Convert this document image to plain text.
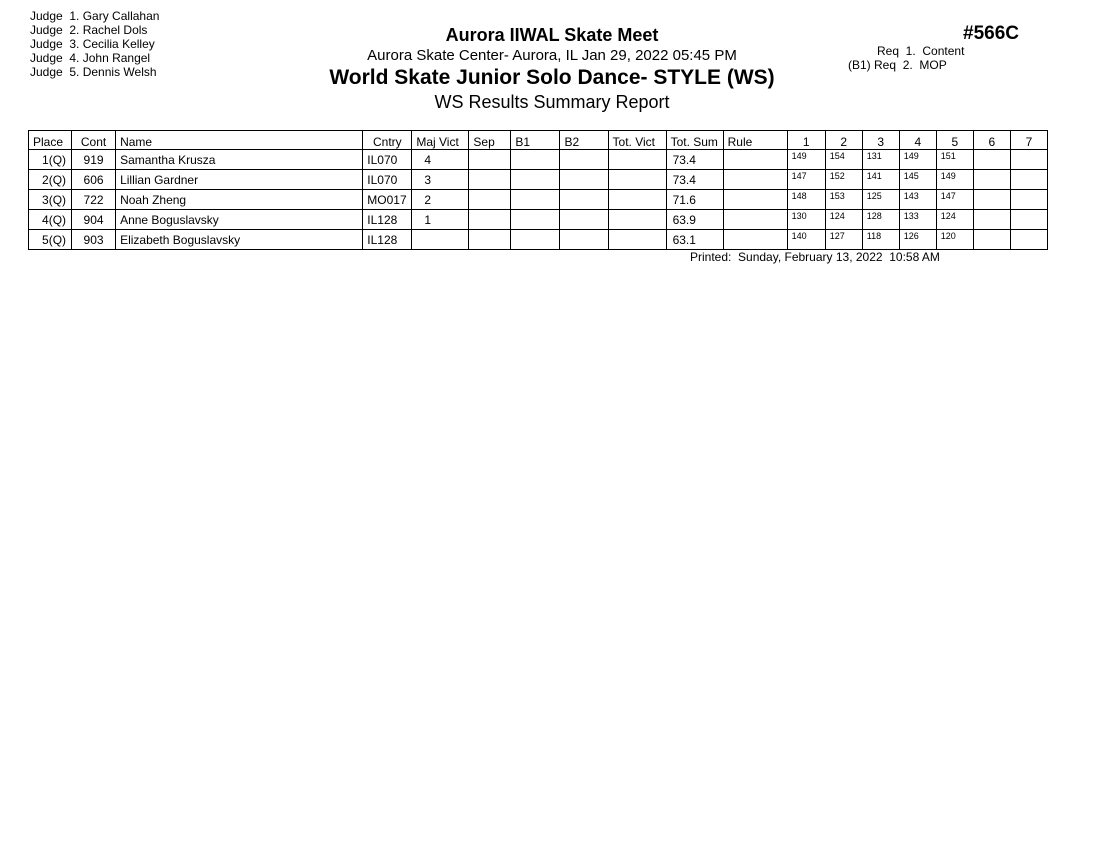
Judge  1. Gary Callahan
Judge  2. Rachel Dols
Judge  3. Cecilia Kelley
Judge  4. John Rangel
Judge  5. Dennis Welsh
Aurora IIWAL Skate Meet
Aurora Skate Center- Aurora, IL Jan 29, 2022 05:45 PM
World Skate Junior Solo Dance- STYLE (WS)
WS Results Summary Report
#566C
Req  1. Content
(B1) Req  2. MOP
Place	Cont	Name	Cntry	Maj Vict	Sep	B1	B2	Tot. Vict	Tot. Sum	Rule	1	2	3	4	5	6	7
1(Q)	919	Samantha Krusza	IL070	4					73.4		149	154	131	149	151		
2(Q)	606	Lillian Gardner	IL070	3					73.4		147	152	141	145	149		
3(Q)	722	Noah Zheng	MO017	2					71.6		148	153	125	143	147		
4(Q)	904	Anne Boguslavsky	IL128	1					63.9		130	124	128	133	124		
5(Q)	903	Elizabeth Boguslavsky	IL128						63.1		140	127	118	126	120		
Printed:  Sunday, February 13, 2022  10:58 AM
